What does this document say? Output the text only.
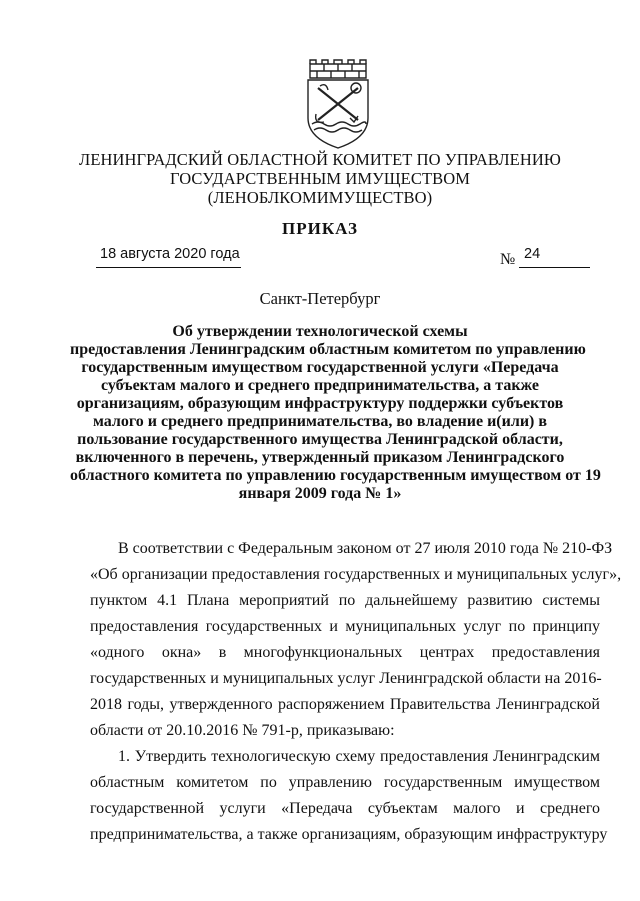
ЛЕНИНГРАДСКИЙ ОБЛАСТНОЙ КОМИТЕТ ПО УПРАВЛЕНИЮ
ГОСУДАРСТВЕННЫМ ИМУЩЕСТВОМ
(ЛЕНОБЛКОМИМУЩЕСТВО)
ПРИКАЗ
18 августа 2020 года	№ 24
Санкт-Петербург
Об утверждении технологической схемы
предоставления Ленинградским областным комитетом по управлению
государственным имуществом государственной услуги «Передача
субъектам малого и среднего предпринимательства, а также
организациям, образующим инфраструктуру поддержки субъектов
малого и среднего предпринимательства, во владение и(или) в
пользование государственного имущества Ленинградской области,
включенного в перечень, утвержденный приказом Ленинградского
областного комитета по управлению государственным имуществом от 19
января 2009 года № 1»
В соответствии с Федеральным законом от 27 июля 2010 года № 210-ФЗ
«Об организации предоставления государственных и муниципальных услуг»,
пунктом 4.1 Плана мероприятий по дальнейшему развитию системы
предоставления государственных и муниципальных услуг по принципу
«одного окна» в многофункциональных центрах предоставления
государственных и муниципальных услуг Ленинградской области на 2016-
2018 годы, утвержденного распоряжением Правительства Ленинградской
области от 20.10.2016 № 791-р, приказываю:
1. Утвердить технологическую схему предоставления Ленинградским
областным комитетом по управлению государственным имуществом
государственной услуги «Передача субъектам малого и среднего
предпринимательства, а также организациям, образующим инфраструктуру
